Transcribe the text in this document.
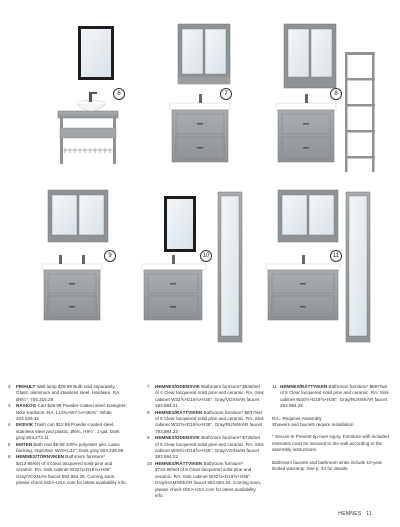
6	7	8
9	10	11

2 FRIHULT Wall lamp $29.99 Bulb sold separately. Glass, aluminum and stainless steel. Hardwire. RA. Ø5½". 704.316.28

3 RÅSKOG Cart $29.99 Powder-coated steel. Designer: Nike Karlsson. RA. L13⅜×W7⅞×H30⅜". White 203.829.32

4 EKEVIK Trash can $12.99 Powder-coated steel, stainless steel and plastic. Ø6¾, H9½". 1-gal. Dark gray 604.273.11

5 EMTEN Bath mat $9.99 100% polyester pile. Latex backing. Imported. W20×L32". Dark gray 604.228.89

6 HEMNES/TÖRNVIKEN Bathroom furniture* $413.99/set of 4 Clear lacquered solid pine and ceramic. RA. Sink cabinet W32⅝×D18⅞×H35". Gray/VOXNAN faucet 593.884.26. Coming soon, please check IKEA-USA.com for latest availability info.

7 HEMNES/ODENSVIK Bathroom furniture* $548/set of 4 Clear lacquered solid pine and ceramic. RA. Sink cabinet W32⅝×D19⅝×H35". Gray/VOXNAN faucet 193.884.21

8 HEMNES/RÄTTVIKEN Bathroom furniture* $637/set of 5 Clear lacquered solid pine and ceramic. RA. Sink cabinet W32⅝×D19⅝×H35". Gray/RUNSKÄR faucet 793.884.23

9 HEMNES/ODENSVIK Bathroom furniture* $728/set of 5 Clear lacquered solid pine and ceramic. RA. Sink cabinet W40½×D19⅝×H35". Gray/VOXNAN faucet 393.884.22

10 HEMNES/RÄTTVIKEN Bathroom furniture* $722.99/set of 5 Clear lacquered solid pine and ceramic. RA. Sink cabinet W32⅝×D19⅝×H35". Gray/HAMNSKÄR faucet 593.884.24. Coming soon, please check IKEA-USA.com for latest availability info.

11 HEMNES/RÄTTVIKEN Bathroom furniture* $867/set of 5 Clear lacquered solid pine and ceramic. RA. Sink cabinet W40½×D19⅝×H35". Gray/RUNSKÄR faucet 293.884.25

RA= Requires Assembly

Showers and faucets require installation.

* Secure it! Prevent tip-over injury. Furniture with included restraints must be secured to the wall according to the assembly instructions.

Bathroom faucets and bathroom sinks include 10-year limited warranty. See p. 34 for details.

HEMNES 11
